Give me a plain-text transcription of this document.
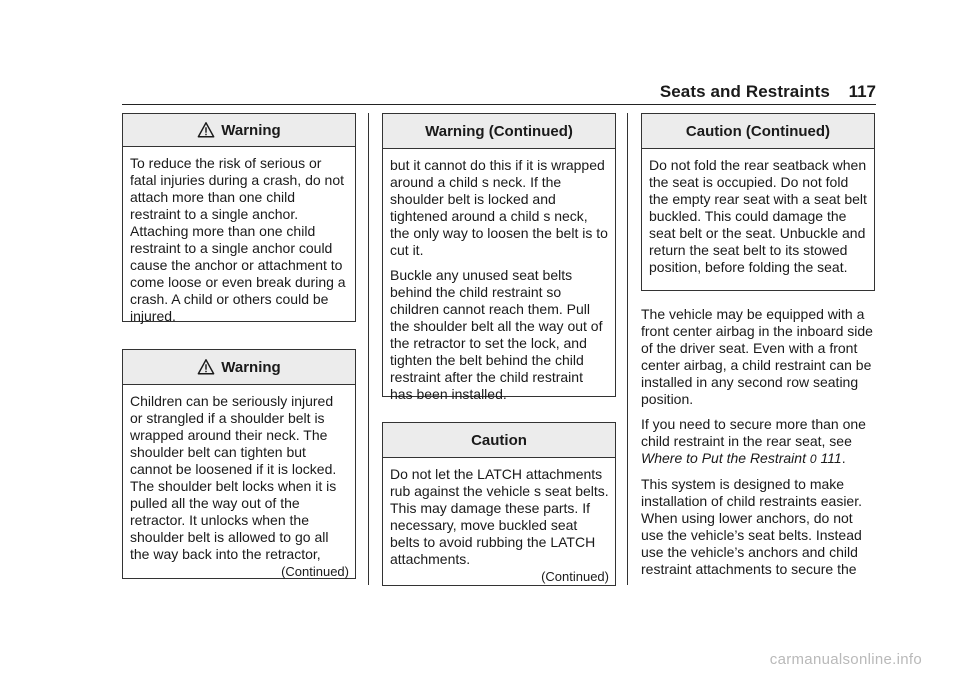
Seats and Restraints 117
Warning

To reduce the risk of serious or fatal injuries during a crash, do not attach more than one child restraint to a single anchor. Attaching more than one child restraint to a single anchor could cause the anchor or attachment to come loose or even break during a crash. A child or others could be injured.

Warning

Children can be seriously injured or strangled if a shoulder belt is wrapped around their neck. The shoulder belt can tighten but cannot be loosened if it is locked. The shoulder belt locks when it is pulled all the way out of the retractor. It unlocks when the shoulder belt is allowed to go all the way back into the retractor,

(Continued)
Warning (Continued)

but it cannot do this if it is wrapped around a child s neck. If the shoulder belt is locked and tightened around a child s neck, the only way to loosen the belt is to cut it.

Buckle any unused seat belts behind the child restraint so children cannot reach them. Pull the shoulder belt all the way out of the retractor to set the lock, and tighten the belt behind the child restraint after the child restraint has been installed.

Caution

Do not let the LATCH attachments rub against the vehicle s seat belts. This may damage these parts. If necessary, move buckled seat belts to avoid rubbing the LATCH attachments.

(Continued)
Caution (Continued)

Do not fold the rear seatback when the seat is occupied. Do not fold the empty rear seat with a seat belt buckled. This could damage the seat belt or the seat. Unbuckle and return the seat belt to its stowed position, before folding the seat.

The vehicle may be equipped with a front center airbag in the inboard side of the driver seat. Even with a front center airbag, a child restraint can be installed in any second row seating position.

If you need to secure more than one child restraint in the rear seat, see Where to Put the Restraint 0 111.

This system is designed to make installation of child restraints easier. When using lower anchors, do not use the vehicle’s seat belts. Instead use the vehicle’s anchors and child restraint attachments to secure the

carmanualsonline.info
